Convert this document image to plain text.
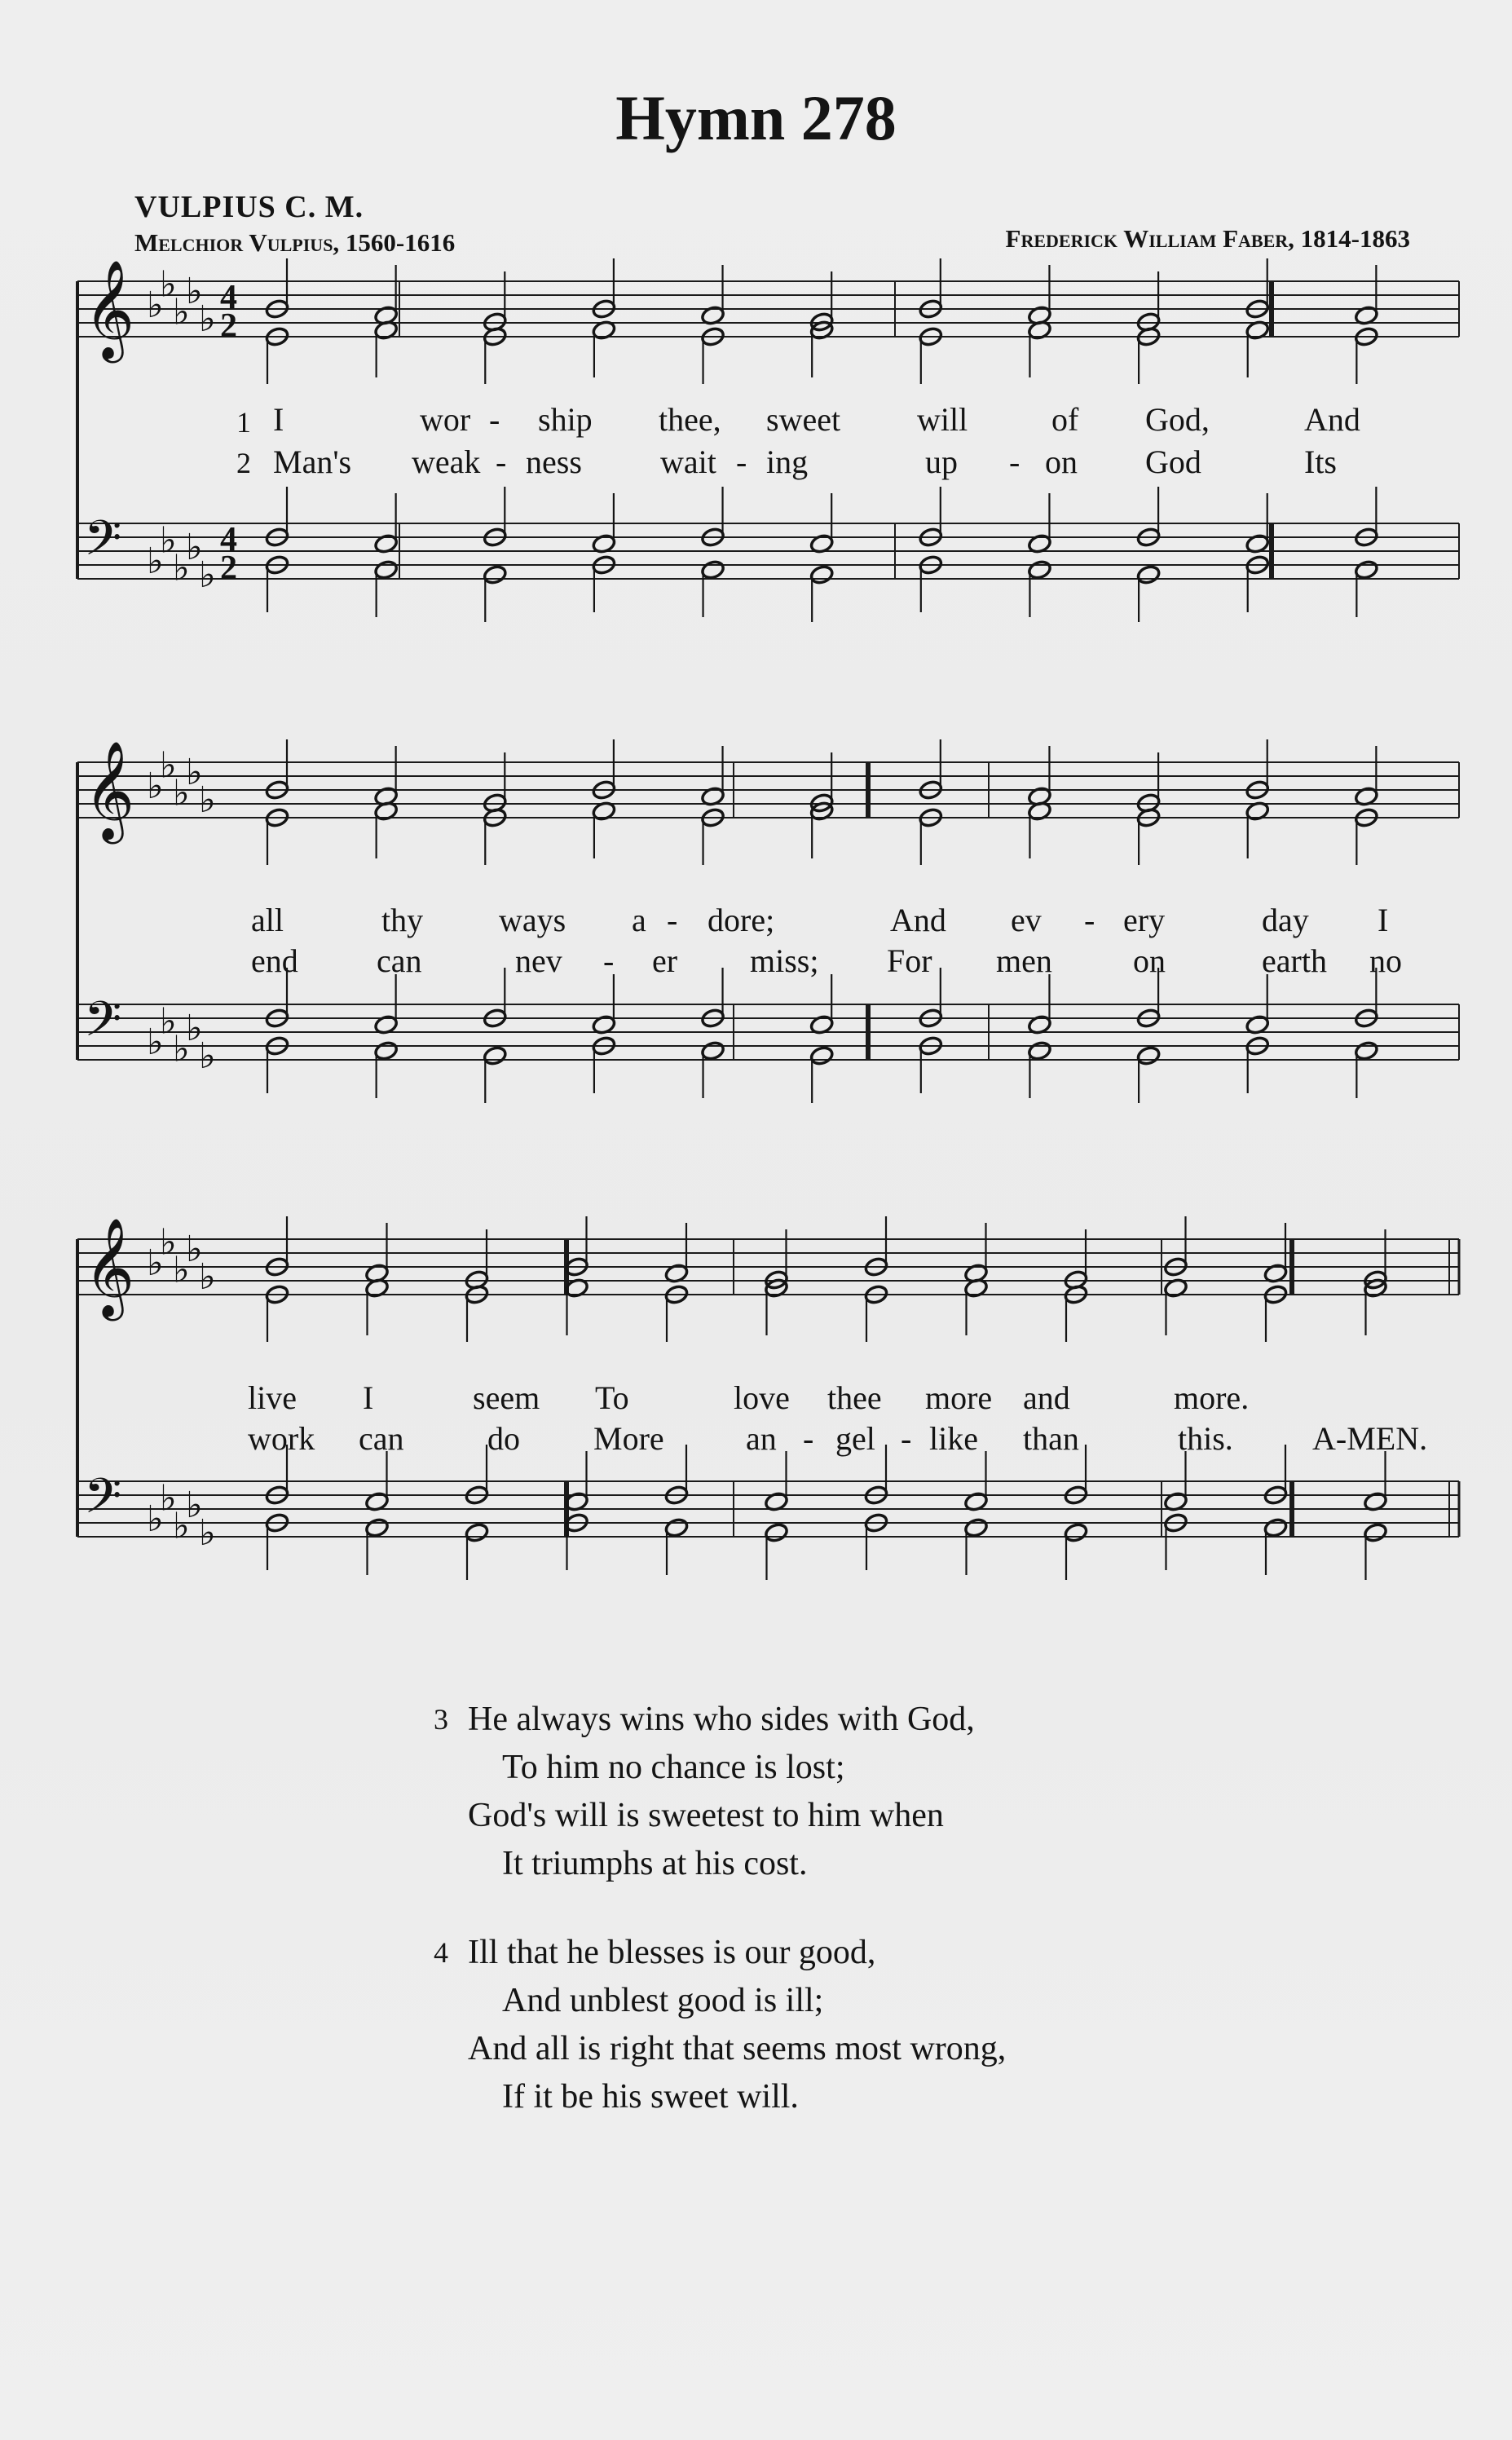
Hymn 278
VULPIUS C. M.
Melchior Vulpius, 1560-1616	Frederick William Faber, 1814-1863
𝄞 ♭
♭
♭
♭
♭
4
2
𝄢 ♭
♭
♭
♭
♭
4
2
𝄞 ♭
♭
♭
♭
♭
𝄢 ♭
♭
♭
♭
♭
𝄞 ♭
♭
♭
♭
♭
𝄢 ♭
♭
♭
♭
♭
1
2
I	wor - ship thee, sweet will	of God,	And
Man's weak - ness wait - ing	up - on God	Its
all	thy ways a - dore;	And ev - ery	day I
end can	nev - er miss; For men on	earth no
live I	seem To	love thee more and	more.
work can	do More	an - gel - like than	this. A-MEN.
3 He always wins who sides with God,
To him no chance is lost;
God's will is sweetest to him when
It triumphs at his cost.
4 Ill that he blesses is our good,
And unblest good is ill;
And all is right that seems most wrong,
If it be his sweet will.
